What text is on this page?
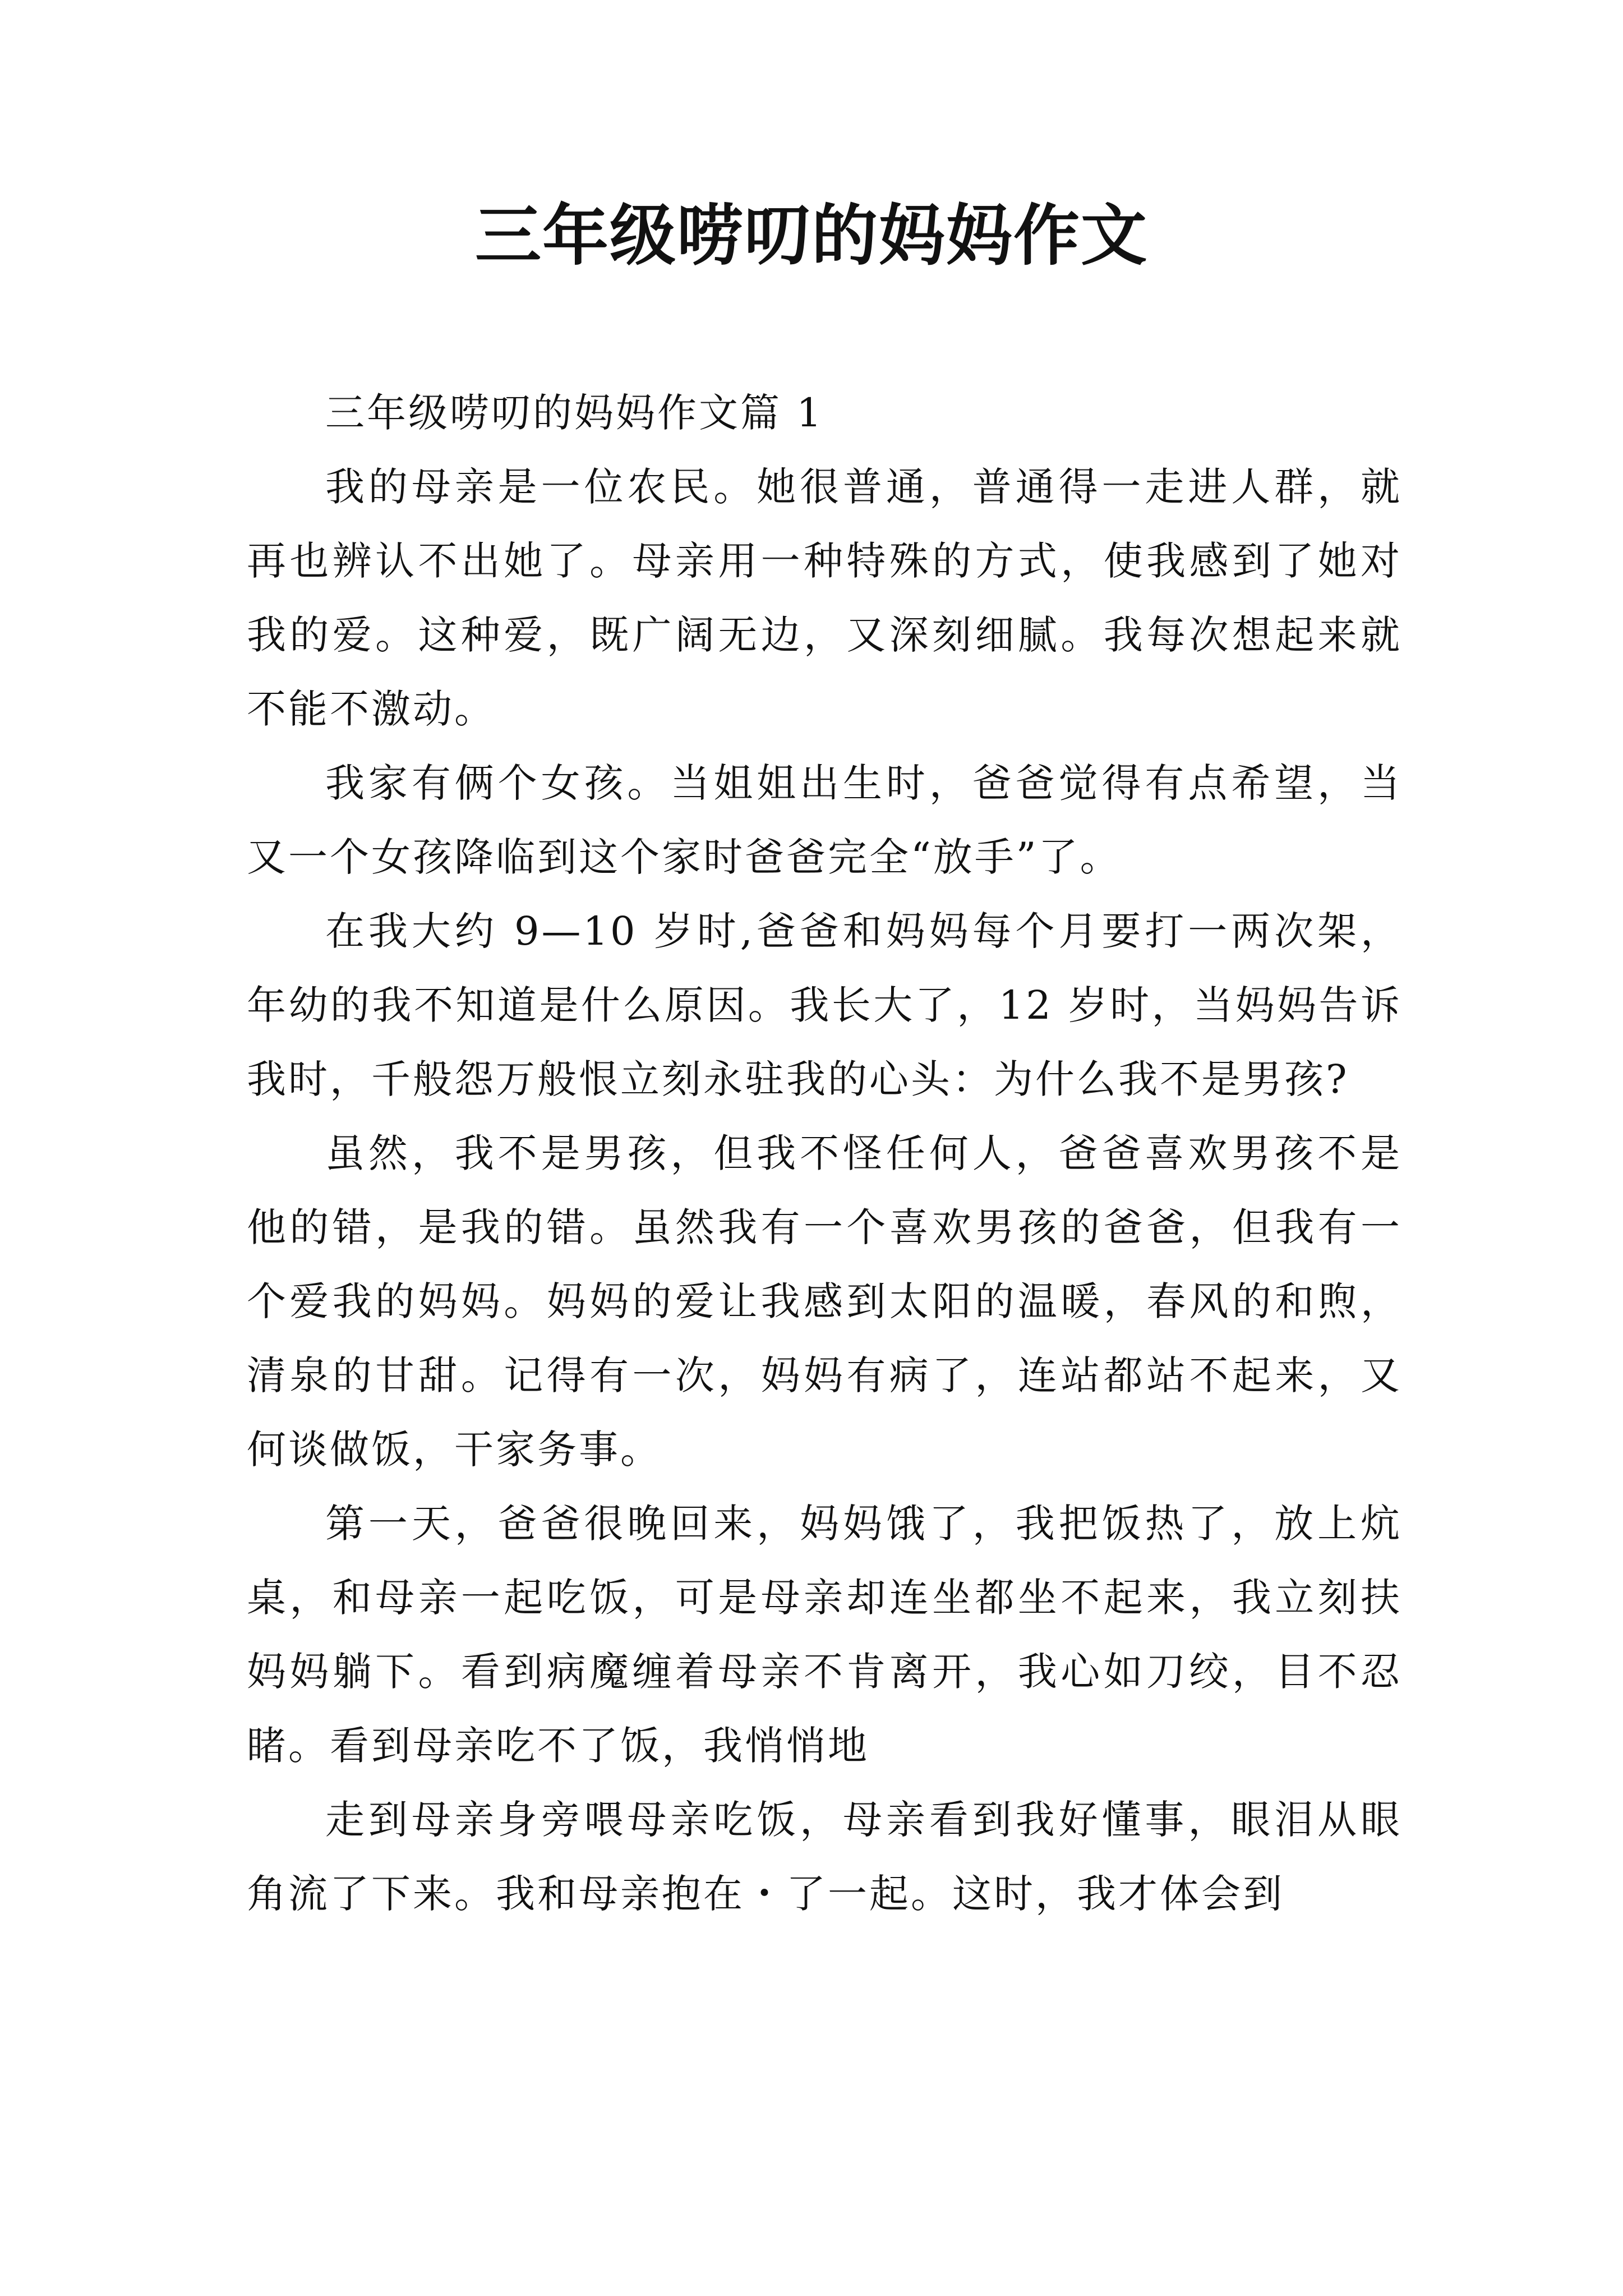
三年级唠叨的妈妈作文

三年级唠叨的妈妈作文篇 1

我的母亲是一位农民。她很普通，普通得一走进人群，就再也辨认不出她了。母亲用一种特殊的方式，使我感到了她对我的爱。这种爱，既广阔无边，又深刻细腻。我每次想起来就不能不激动。

我家有俩个女孩。当姐姐出生时，爸爸觉得有点希望，当又一个女孩降临到这个家时爸爸完全“放手”了。

在我大约 9—10 岁时,爸爸和妈妈每个月要打一两次架，年幼的我不知道是什么原因。我长大了，12 岁时，当妈妈告诉我时，千般怨万般恨立刻永驻我的心头：为什么我不是男孩?

虽然，我不是男孩，但我不怪任何人，爸爸喜欢男孩不是他的错，是我的错。虽然我有一个喜欢男孩的爸爸，但我有一个爱我的妈妈。妈妈的爱让我感到太阳的温暖，春风的和煦，清泉的甘甜。记得有一次，妈妈有病了，连站都站不起来，又何谈做饭，干家务事。

第一天，爸爸很晚回来，妈妈饿了，我把饭热了，放上炕桌，和母亲一起吃饭，可是母亲却连坐都坐不起来，我立刻扶妈妈躺下。看到病魔缠着母亲不肯离开，我心如刀绞，目不忍睹。看到母亲吃不了饭，我悄悄地

走到母亲身旁喂母亲吃饭，母亲看到我好懂事，眼泪从眼角流了下来。我和母亲抱在・了一起。这时，我才体会到
